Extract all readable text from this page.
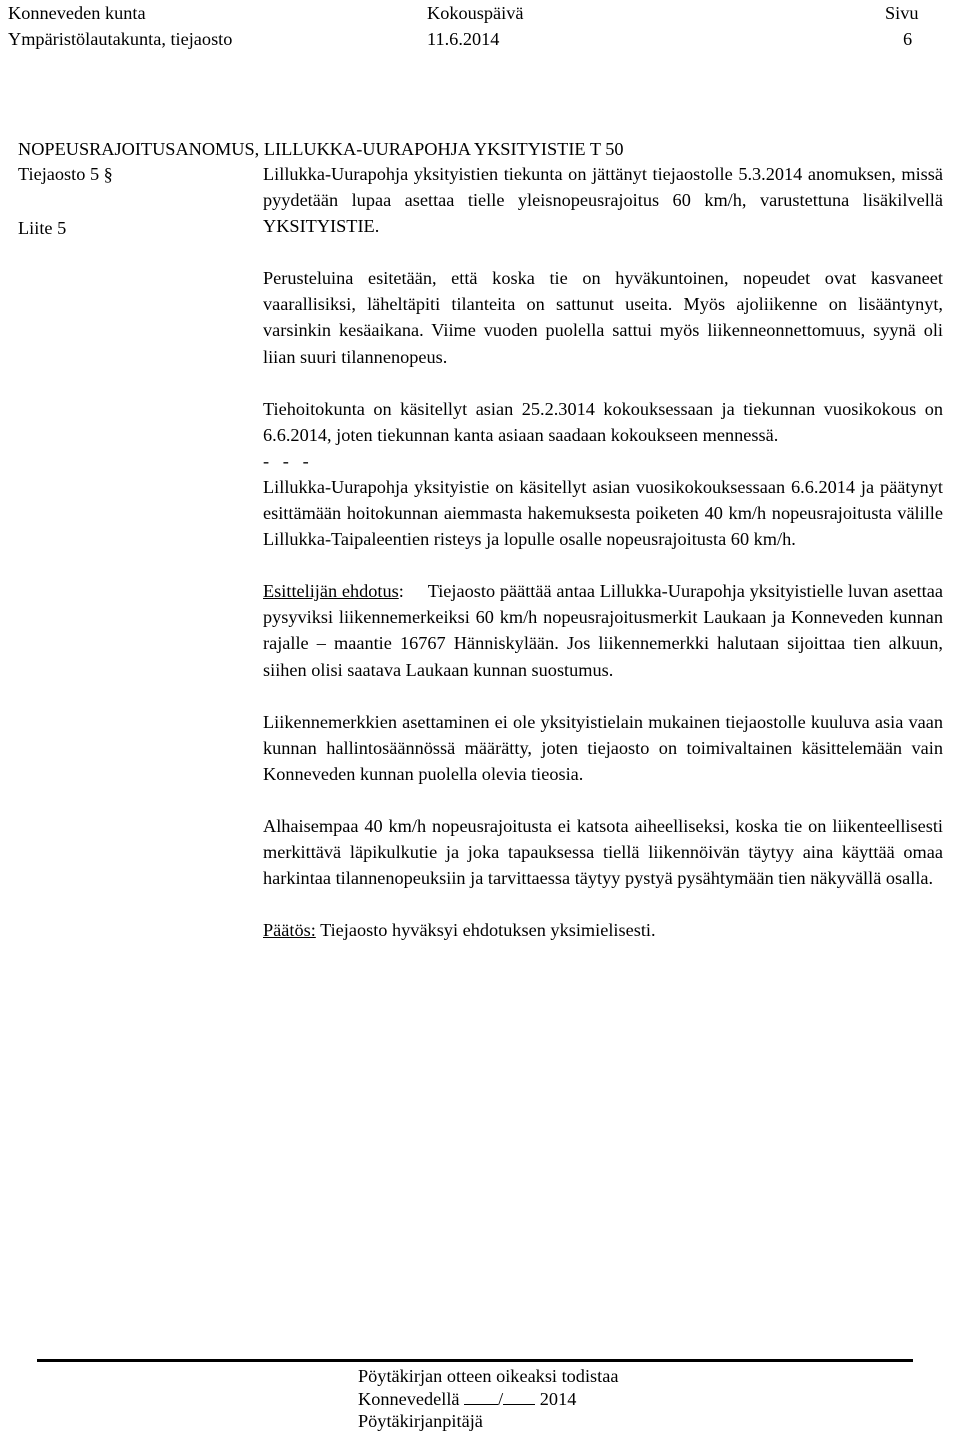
Konneveden kunta
Ympäristölautakunta, tiejaosto
Kokouspäivä
11.6.2014
Sivu
6
NOPEUSRAJOITUSANOMUS, LILLUKKA-UURAPOHJA YKSITYISTIE T 50
Tiejaosto 5 §
Liite 5

Lillukka-Uurapohja yksityistien tiekunta on jättänyt tiejaostolle 5.3.2014 anomuksen, missä pyydetään lupaa asettaa tielle yleisnopeusrajoitus 60 km/h, varustettuna lisäkilvellä YKSITYISTIE.

Perusteluina esitetään, että koska tie on hyväkuntoinen, nopeudet ovat kasvaneet vaarallisiksi, läheltäpiti tilanteita on sattunut useita. Myös ajoliikenne on lisääntynyt, varsinkin kesäaikana. Viime vuoden puolella sattui myös liikenneonnettomuus, syynä oli liian suuri tilannenopeus.

Tiehoitokunta on käsitellyt asian 25.2.3014 kokouksessaan ja tiekunnan vuosikokous on 6.6.2014, joten tiekunnan kanta asiaan saadaan kokoukseen mennessä.

-   -   -

Lillukka-Uurapohja yksityistie on käsitellyt asian vuosikokouksessaan 6.6.2014 ja päätynyt esittämään hoitokunnan aiemmasta hakemuksesta poiketen 40 km/h nopeusrajoitusta välille Lillukka-Taipaleentien risteys ja lopulle osalle nopeusrajoitusta 60 km/h.

Esittelijän ehdotus:     Tiejaosto päättää antaa Lillukka-Uurapohja yksityistielle luvan asettaa pysyviksi liikennemerkeiksi 60 km/h nopeusrajoitusmerkit Laukaan ja Konneveden kunnan rajalle – maantie 16767 Hänniskylään. Jos liikennemerkki halutaan sijoittaa tien alkuun, siihen olisi saatava Laukaan kunnan suostumus.

Liikennemerkkien asettaminen ei ole yksityistielain mukainen tiejaostolle kuuluva asia vaan kunnan hallintosäännössä määrätty, joten tiejaosto on toimivaltainen käsittelemään vain Konneveden kunnan puolella olevia tieosia.

Alhaisempaa 40 km/h nopeusrajoitusta ei katsota aiheelliseksi, koska tie on liikenteellisesti merkittävä läpikulkutie ja joka tapauksessa tiellä liikennöivän täytyy aina käyttää omaa harkintaa tilannenopeuksiin ja tarvittaessa täytyy pystyä pysähtymään tien näkyvällä osalla.

Päätös: Tiejaosto hyväksyi ehdotuksen yksimielisesti.

Pöytäkirjan otteen oikeaksi todistaa
Konnevedellä / 2014
Pöytäkirjanpitäjä
